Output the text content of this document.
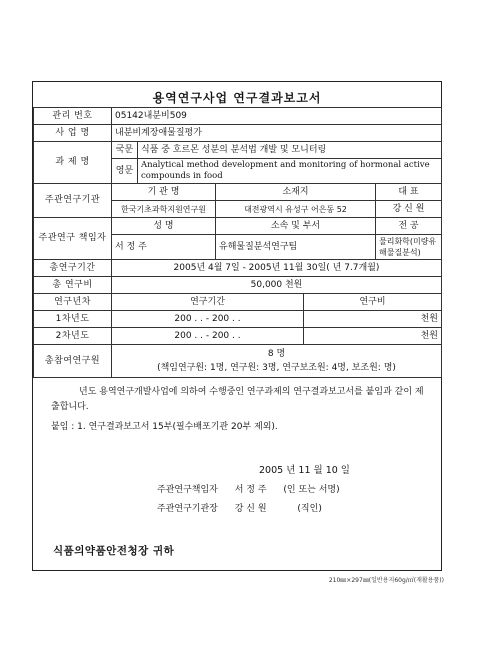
용역연구사업 연구결과보고서
관리 번호	05142내분비509				
사 업 명	내분비계장애물질평가				
과 제 명	국문	식품 중 호르몬 성분의 분석법 개발 및 모니터링			
	영문	Analytical method development and monitoring of hormonal active compounds in food			
주관연구기관	기 관 명		소재지		대 표
	한국기초과학지원연구원		대전광역시 유성구 어은동 52		강 신 원
주관연구 책임자	성 명		소속 및 부서		전 공
	서 정 주		유해물질분석연구팀		물리화학(미량유해물질분석)
총연구기간	2005년 4월 7일 - 2005년 11월 30일( 년 7.7개월)				
총 연구비	50,000 천원				
연구년차	연구기간			연구비	
1차년도	200 . . - 200 . .			천원	
2차년도	200 . . - 200 . .			천원	
총참여연구원	8 명
(책임연구원: 1명, 연구원: 3명, 연구보조원: 4명, 보조원: 명)				
년도 용역연구개발사업에 의하여 수행중인 연구과제의 연구결과보고서를 붙임과 같이 제출합니다.
붙임 : 1. 연구결과보고서 15부(필수배포기관 20부 제외).
2005 년 11 월 10 일
주관연구책임자 서 정 주 (인 또는 서명)
주관연구기관장 강 신 원	(직인)
식품의약품안전청장 귀하
210㎜×297㎜(일반용지60g/㎡(재활용품))
